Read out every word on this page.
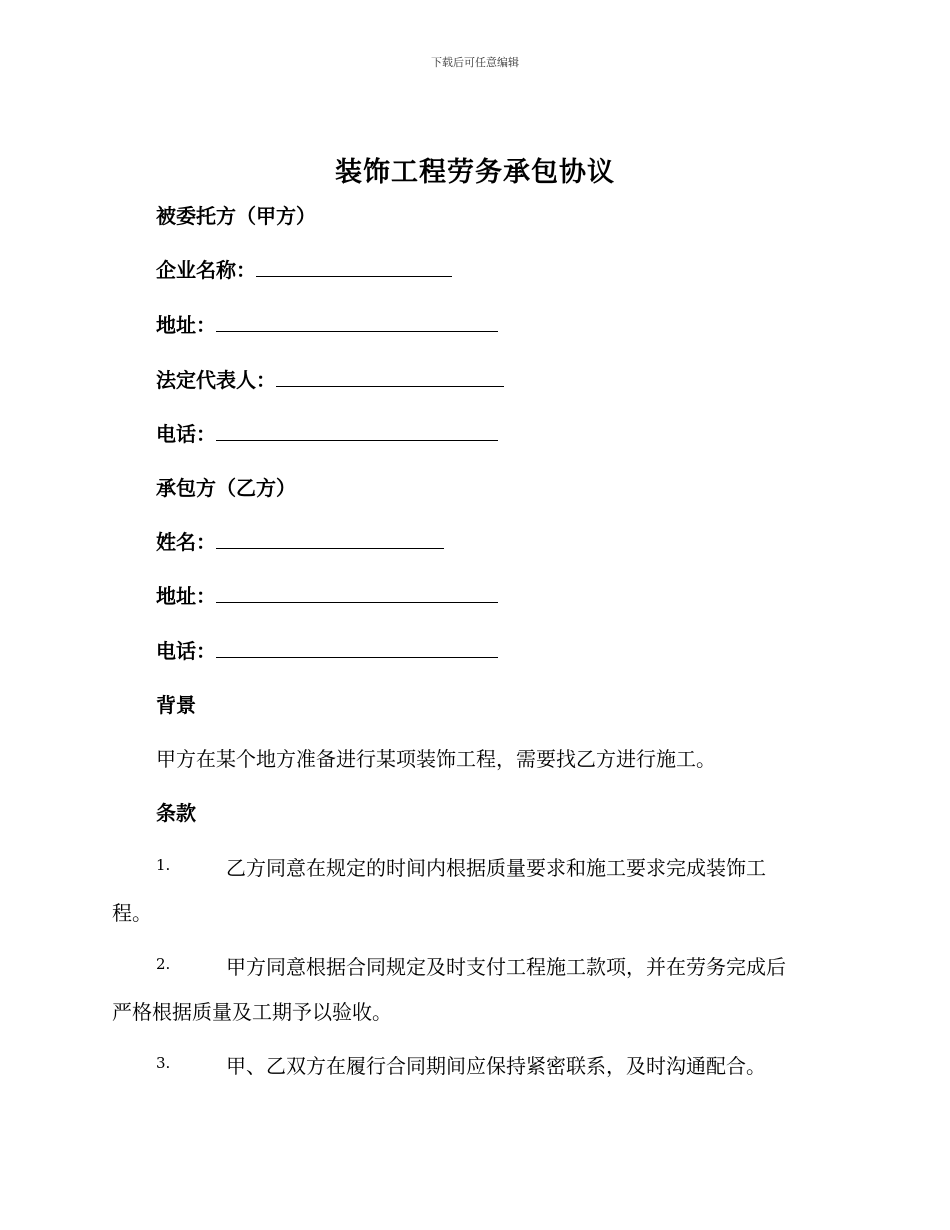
下载后可任意编辑
装饰工程劳务承包协议
被委托方（甲方）
企业名称：
地址：
法定代表人：
电话：
承包方（乙方）
姓名：
地址：
电话：
背景
甲方在某个地方准备进行某项装饰工程，需要找乙方进行施工。
条款
1.	乙方同意在规定的时间内根据质量要求和施工要求完成装饰工
程。
2.	甲方同意根据合同规定及时支付工程施工款项，并在劳务完成后
严格根据质量及工期予以验收。
3.	甲、乙双方在履行合同期间应保持紧密联系，及时沟通配合。
